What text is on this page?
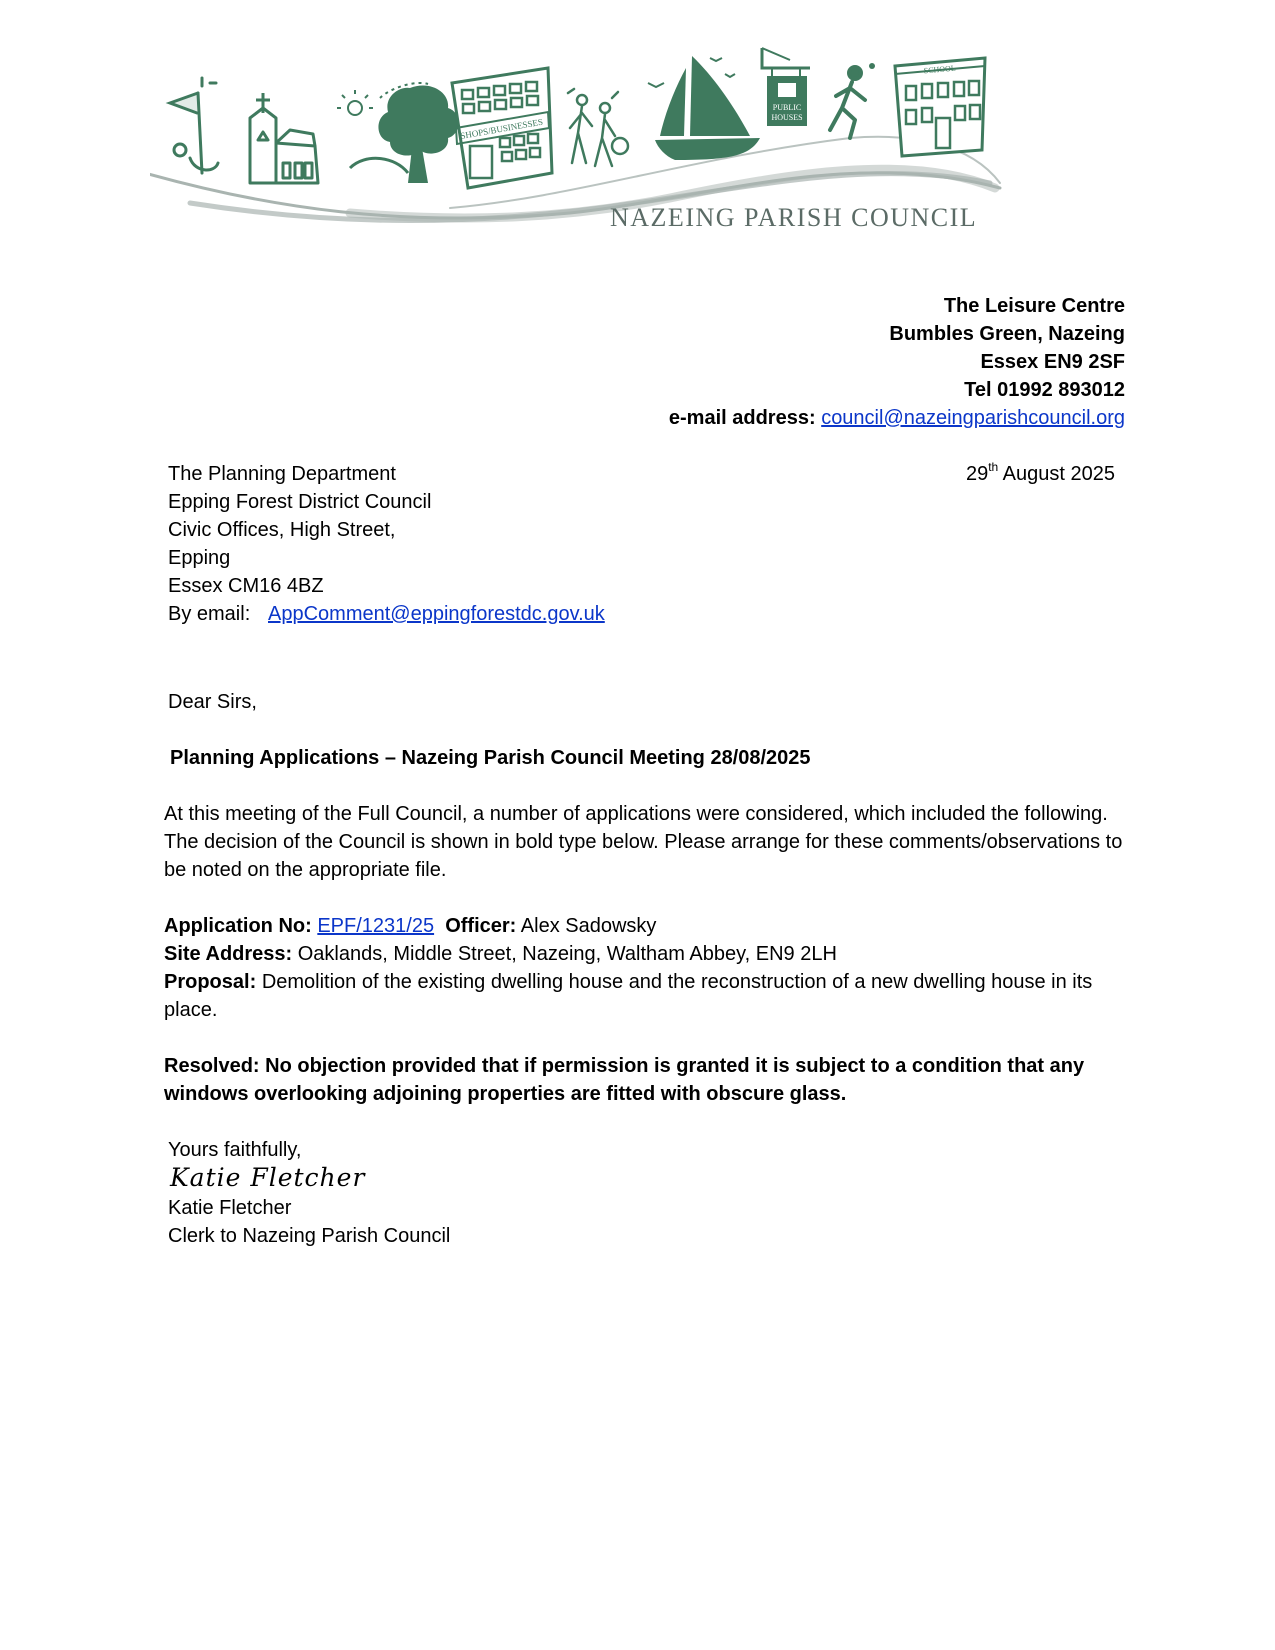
SHOPS/BUSINESSES
PUBLIC
HOUSES
SCHOOL
NAZEING PARISH COUNCIL
The Leisure Centre
Bumbles Green, Nazeing
Essex EN9 2SF
Tel 01992 893012
e-mail address: council@nazeingparishcouncil.org
29th August 2025
The Planning Department
Epping Forest District Council
Civic Offices, High Street,
Epping
Essex CM16 4BZ
By email: AppComment@eppingforestdc.gov.uk
Dear Sirs,
Planning Applications – Nazeing Parish Council Meeting 28/08/2025
At this meeting of the Full Council, a number of applications were considered, which included the following. The decision of the Council is shown in bold type below. Please arrange for these comments/observations to be noted on the appropriate file.
Application No: EPF/1231/25 Officer: Alex Sadowsky
Site Address: Oaklands, Middle Street, Nazeing, Waltham Abbey, EN9 2LH
Proposal: Demolition of the existing dwelling house and the reconstruction of a new dwelling house in its place.
Resolved: No objection provided that if permission is granted it is subject to a condition that any windows overlooking adjoining properties are fitted with obscure glass.
Yours faithfully,
Katie Fletcher
Katie Fletcher
Clerk to Nazeing Parish Council
